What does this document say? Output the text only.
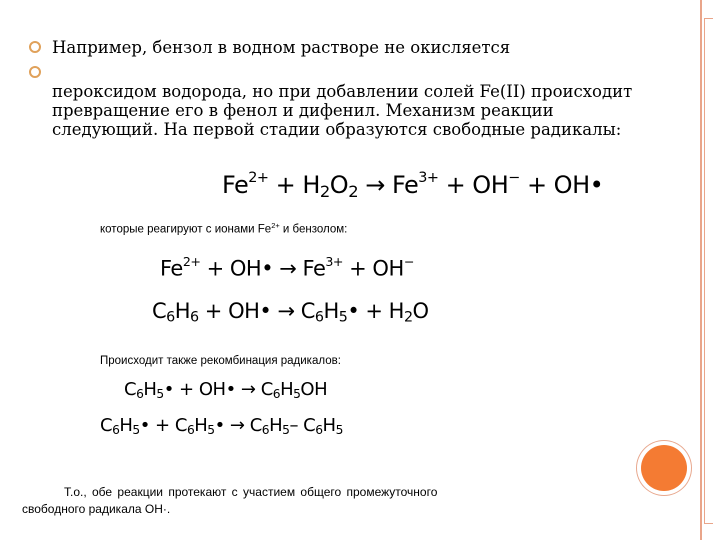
Например, бензол в водном растворе не окисляется
пероксидом водорода, но при добавлении солей Fe(II) происходит
превращение его в фенол и дифенил. Механизм реакции
следующий. На первой стадии образуются свободные радикалы:
$Fe^{2+} + H_2O_2 \to Fe^{3+} + OH^-$ + OH•
которые реагируют с ионами $Fe^{2+}$ и бензолом:
$Fe^{2+}$ + OH• → $Fe^{3+} + OH^-$
$C_6H_6$ + OH• → $C_6H_5• + H_2O$
Происходит также рекомбинация радикалов:
$C_6H_5•$ + OH• → $C_6H_5OH$
$C_6H_5•$ + $C_6H_5• \to C_6H_5-$ $C_6H_5$
Т.о., обе реакции протекают с участием общего промежуточного
свободного радикала ОН·.
